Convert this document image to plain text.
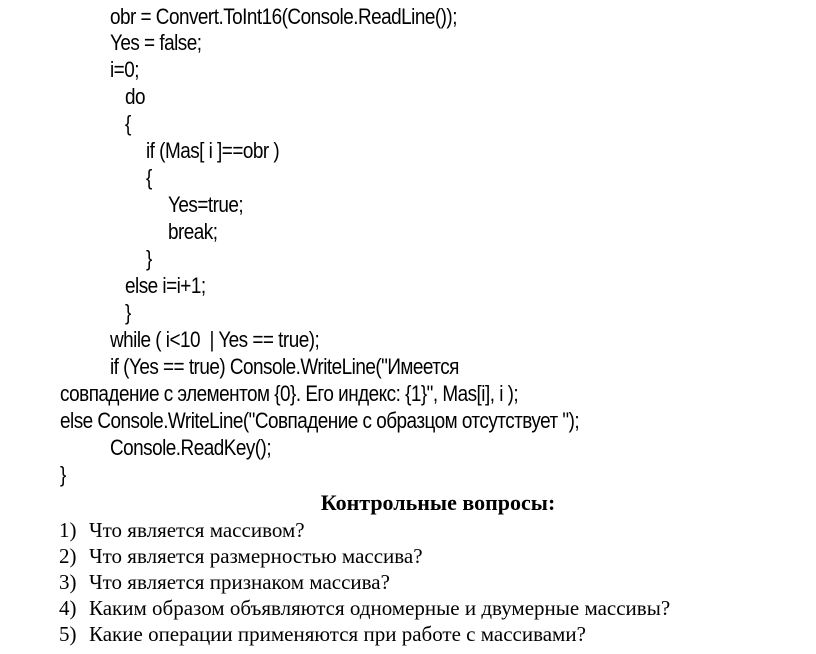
obr = Convert.ToInt16(Console.ReadLine());
Yes = false;
i=0;
do
{
if (Mas[ i ]==obr )
{
Yes=true;
break;
}
else i=i+1;
}
while ( i<10  | Yes == true);
if (Yes == true) Console.WriteLine("Имеется
совпадение с элементом {0}. Его индекс: {1}", Mas[i], i );
else Console.WriteLine("Совпадение с образцом отсутствует ");
Console.ReadKey();
}
Контрольные вопросы:
1) Что является массивом?
2) Что является размерностью массива?
3) Что является признаком массива?
4) Каким образом объявляются одномерные и двумерные массивы?
5) Какие операции применяются при работе с массивами?
